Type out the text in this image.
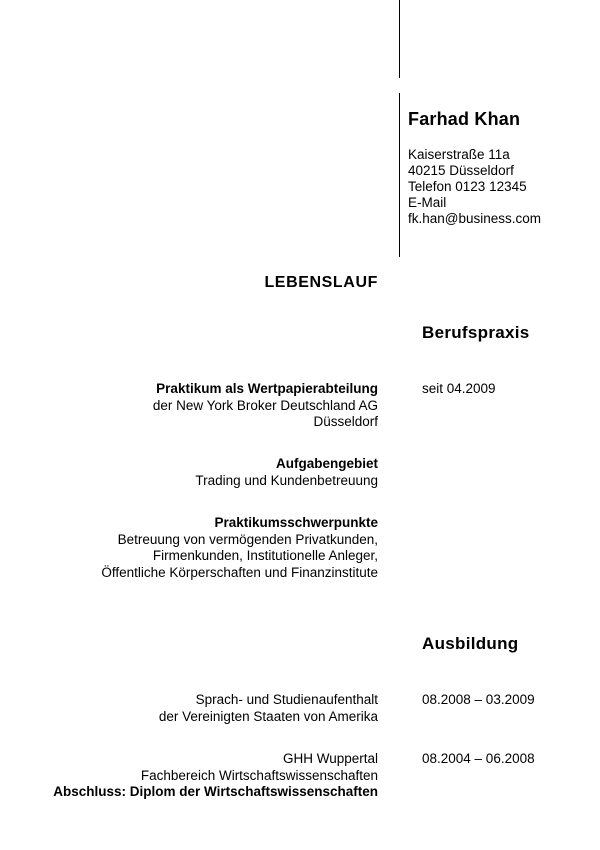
Farhad Khan
Kaiserstraße 11a
40215 Düsseldorf
Telefon 0123 12345
E-Mail
fk.han@business.com
LEBENSLAUF
Berufspraxis
Praktikum als Wertpapierabteilung
der New York Broker Deutschland AG
Düsseldorf
seit 04.2009
Aufgabengebiet
Trading und Kundenbetreuung
Praktikumsschwerpunkte
Betreuung von vermögenden Privatkunden,
Firmenkunden, Institutionelle Anleger,
Öffentliche Körperschaften und Finanzinstitute
Ausbildung
Sprach- und Studienaufenthalt
der Vereinigten Staaten von Amerika
08.2008 – 03.2009
GHH Wuppertal
Fachbereich Wirtschaftswissenschaften
Abschluss: Diplom der Wirtschaftswissenschaften
08.2004 – 06.2008
